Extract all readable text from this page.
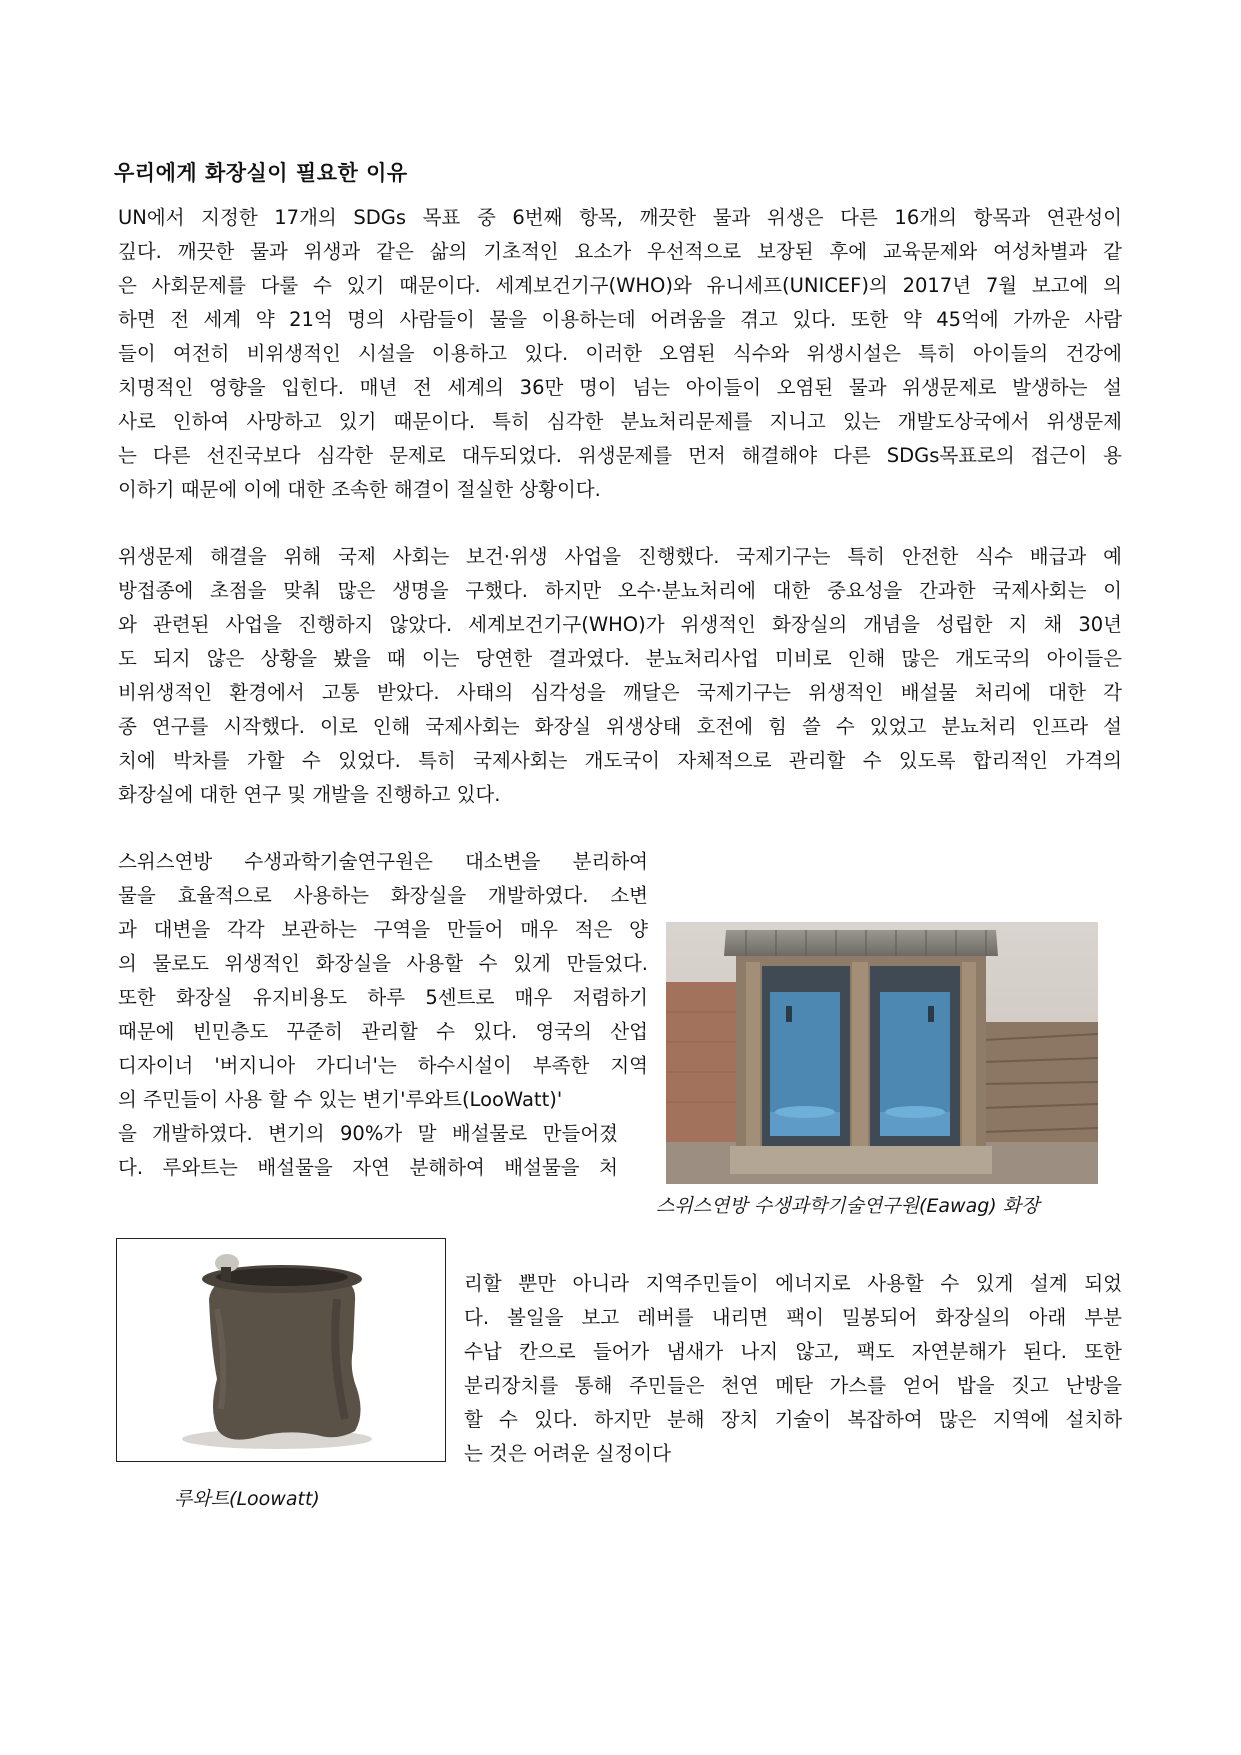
우리에게 화장실이 필요한 이유

UN에서 지정한 17개의 SDGs 목표 중 6번째 항목, 깨끗한 물과 위생은 다른 16개의 항목과 연관성이

깊다. 깨끗한 물과 위생과 같은 삶의 기초적인 요소가 우선적으로 보장된 후에 교육문제와 여성차별과 같

은 사회문제를 다룰 수 있기 때문이다. 세계보건기구(WHO)와 유니세프(UNICEF)의 2017년 7월 보고에 의

하면 전 세계 약 21억 명의 사람들이 물을 이용하는데 어려움을 겪고 있다. 또한 약 45억에 가까운 사람

들이 여전히 비위생적인 시설을 이용하고 있다. 이러한 오염된 식수와 위생시설은 특히 아이들의 건강에

치명적인 영향을 입힌다. 매년 전 세계의 36만 명이 넘는 아이들이 오염된 물과 위생문제로 발생하는 설

사로 인하여 사망하고 있기 때문이다. 특히 심각한 분뇨처리문제를 지니고 있는 개발도상국에서 위생문제

는 다른 선진국보다 심각한 문제로 대두되었다. 위생문제를 먼저 해결해야 다른 SDGs목표로의 접근이 용

이하기 때문에 이에 대한 조속한 해결이 절실한 상황이다.

위생문제 해결을 위해 국제 사회는 보건·위생 사업을 진행했다. 국제기구는 특히 안전한 식수 배급과 예

방접종에 초점을 맞춰 많은 생명을 구했다. 하지만 오수·분뇨처리에 대한 중요성을 간과한 국제사회는 이

와 관련된 사업을 진행하지 않았다. 세계보건기구(WHO)가 위생적인 화장실의 개념을 성립한 지 채 30년

도 되지 않은 상황을 봤을 때 이는 당연한 결과였다. 분뇨처리사업 미비로 인해 많은 개도국의 아이들은

비위생적인 환경에서 고통 받았다. 사태의 심각성을 깨달은 국제기구는 위생적인 배설물 처리에 대한 각

종 연구를 시작했다. 이로 인해 국제사회는 화장실 위생상태 호전에 힘 쓸 수 있었고 분뇨처리 인프라 설

치에 박차를 가할 수 있었다. 특히 국제사회는 개도국이 자체적으로 관리할 수 있도록 합리적인 가격의

화장실에 대한 연구 및 개발을 진행하고 있다.

스위스연방 수생과학기술연구원은 대소변을 분리하여

물을 효율적으로 사용하는 화장실을 개발하였다. 소변

과 대변을 각각 보관하는 구역을 만들어 매우 적은 양

의 물로도 위생적인 화장실을 사용할 수 있게 만들었다.

또한 화장실 유지비용도 하루 5센트로 매우 저렴하기

때문에 빈민층도 꾸준히 관리할 수 있다. 영국의 산업

디자이너 '버지니아 가디너'는 하수시설이 부족한 지역

의 주민들이 사용 할 수 있는 변기'루와트(LooWatt)'

을 개발하였다. 변기의 90%가 말 배설물로 만들어졌

다. 루와트는 배설물을 자연 분해하여 배설물을 처

스위스연방 수생과학기술연구원(Eawag) 화장
루와트(Loowatt)

리할 뿐만 아니라 지역주민들이 에너지로 사용할 수 있게 설계 되었

다. 볼일을 보고 레버를 내리면 팩이 밀봉되어 화장실의 아래 부분

수납 칸으로 들어가 냄새가 나지 않고, 팩도 자연분해가 된다. 또한

분리장치를 통해 주민들은 천연 메탄 가스를 얻어 밥을 짓고 난방을

할 수 있다. 하지만 분해 장치 기술이 복잡하여 많은 지역에 설치하

는 것은 어려운 실정이다
